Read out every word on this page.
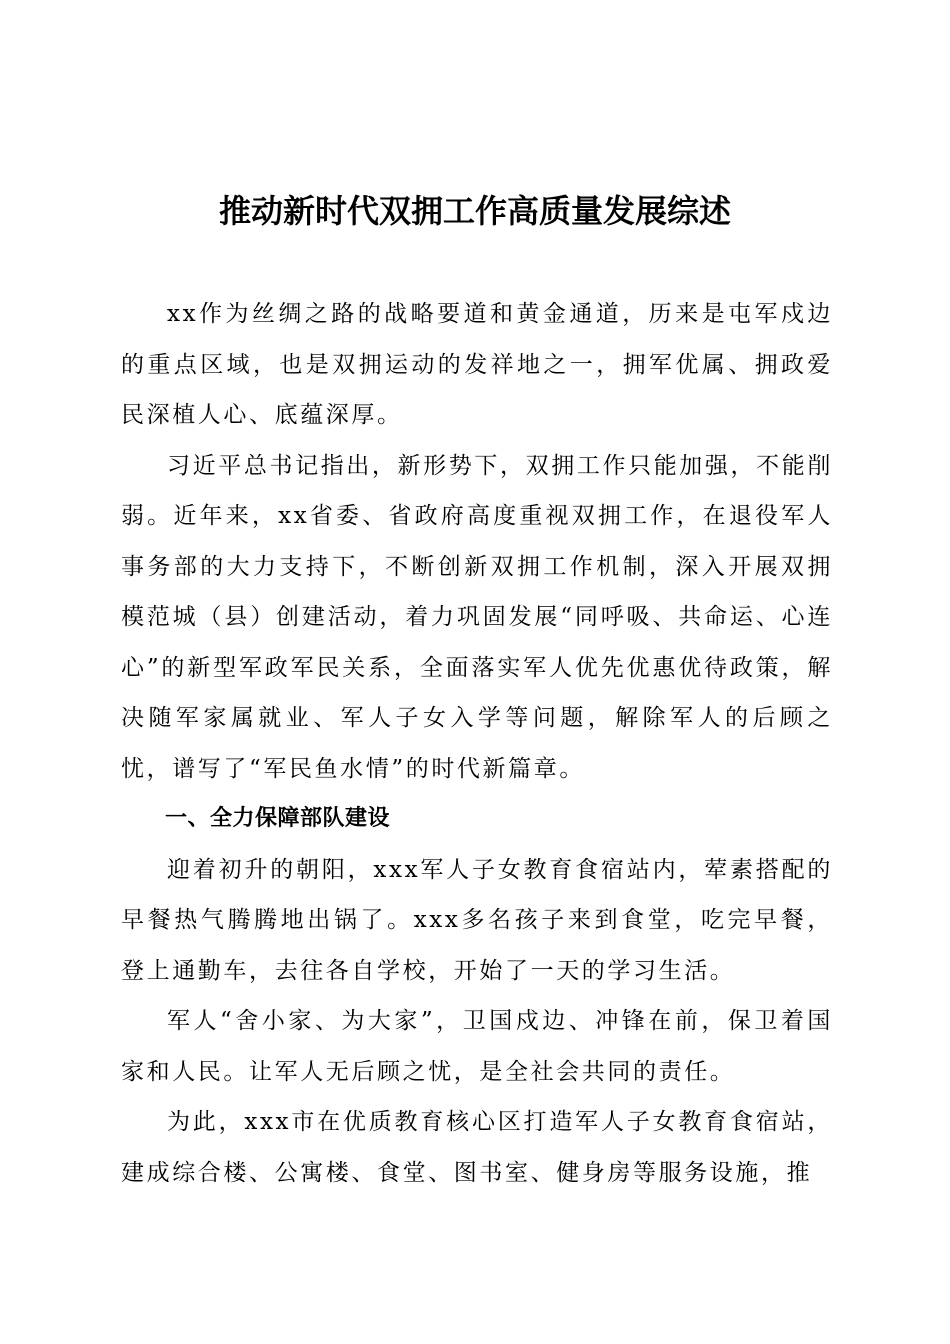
推动新时代双拥工作高质量发展综述

xx作为丝绸之路的战略要道和黄金通道，历来是屯军戍边的重点区域，也是双拥运动的发祥地之一，拥军优属、拥政爱民深植人心、底蕴深厚。

习近平总书记指出，新形势下，双拥工作只能加强，不能削弱。近年来，xx省委、省政府高度重视双拥工作，在退役军人事务部的大力支持下，不断创新双拥工作机制，深入开展双拥模范城（县）创建活动，着力巩固发展“同呼吸、共命运、心连心”的新型军政军民关系，全面落实军人优先优惠优待政策，解决随军家属就业、军人子女入学等问题，解除军人的后顾之忧，谱写了“军民鱼水情”的时代新篇章。

一、全力保障部队建设

迎着初升的朝阳，xxx军人子女教育食宿站内，荤素搭配的早餐热气腾腾地出锅了。xxx多名孩子来到食堂，吃完早餐，登上通勤车，去往各自学校，开始了一天的学习生活。

军人“舍小家、为大家”，卫国戍边、冲锋在前，保卫着国家和人民。让军人无后顾之忧，是全社会共同的责任。

为此，xxx市在优质教育核心区打造军人子女教育食宿站，建成综合楼、公寓楼、食堂、图书室、健身房等服务设施，推
